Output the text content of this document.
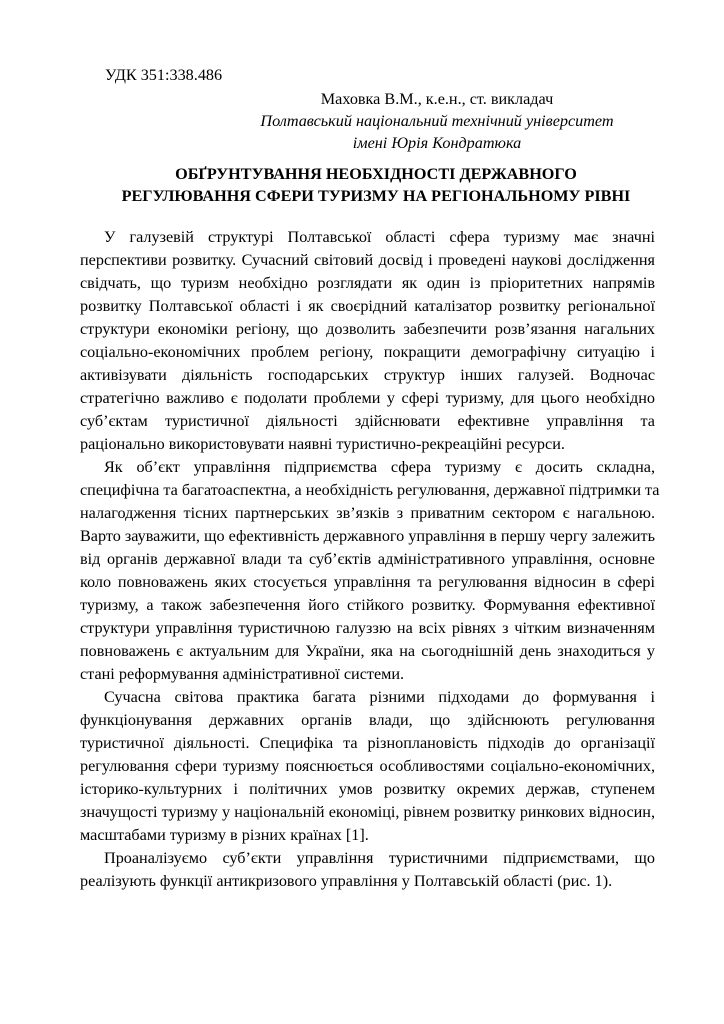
УДК 351:338.486
Маховка В.М., к.е.н., ст. викладач
Полтавський національний технічний університет
імені Юрія Кондратюка
ОБҐРУНТУВАННЯ НЕОБХІДНОСТІ ДЕРЖАВНОГО
РЕГУЛЮВАННЯ СФЕРИ ТУРИЗМУ НА РЕГІОНАЛЬНОМУ РІВНІ
У галузевій структурі Полтавської області сфера туризму має значні
перспективи розвитку. Сучасний світовий досвід і проведені наукові дослідження
свідчать, що туризм необхідно розглядати як один із пріоритетних напрямів
розвитку Полтавської області і як своєрідний каталізатор розвитку регіональної
структури економіки регіону, що дозволить забезпечити розв’язання нагальних
соціально-економічних проблем регіону, покращити демографічну ситуацію і
активізувати діяльність господарських структур інших галузей. Водночас
стратегічно важливо є подолати проблеми у сфері туризму, для цього необхідно
суб’єктам туристичної діяльності здійснювати ефективне управління та
раціонально використовувати наявні туристично-рекреаційні ресурси.
Як об’єкт управління підприємства сфера туризму є досить складна,
специфічна та багатоаспектна, а необхідність регулювання, державної підтримки та
налагодження тісних партнерських зв’язків з приватним сектором є нагальною.
Варто зауважити, що ефективність державного управління в першу чергу залежить
від органів державної влади та суб’єктів адміністративного управління, основне
коло повноважень яких стосується управління та регулювання відносин в сфері
туризму, а також забезпечення його стійкого розвитку. Формування ефективної
структури управління туристичною галуззю на всіх рівнях з чітким визначенням
повноважень є актуальним для України, яка на сьогоднішній день знаходиться у
стані реформування адміністративної системи.
Сучасна світова практика багата різними підходами до формування і
функціонування державних органів влади, що здійснюють регулювання
туристичної діяльності. Специфіка та різноплановість підходів до організації
регулювання сфери туризму пояснюється особливостями соціально-економічних,
історико-культурних і політичних умов розвитку окремих держав, ступенем
значущості туризму у національній економіці, рівнем розвитку ринкових відносин,
масштабами туризму в різних країнах [1].
Проаналізуємо суб’єкти управління туристичними підприємствами, що
реалізують функції антикризового управління у Полтавській області (рис. 1).
